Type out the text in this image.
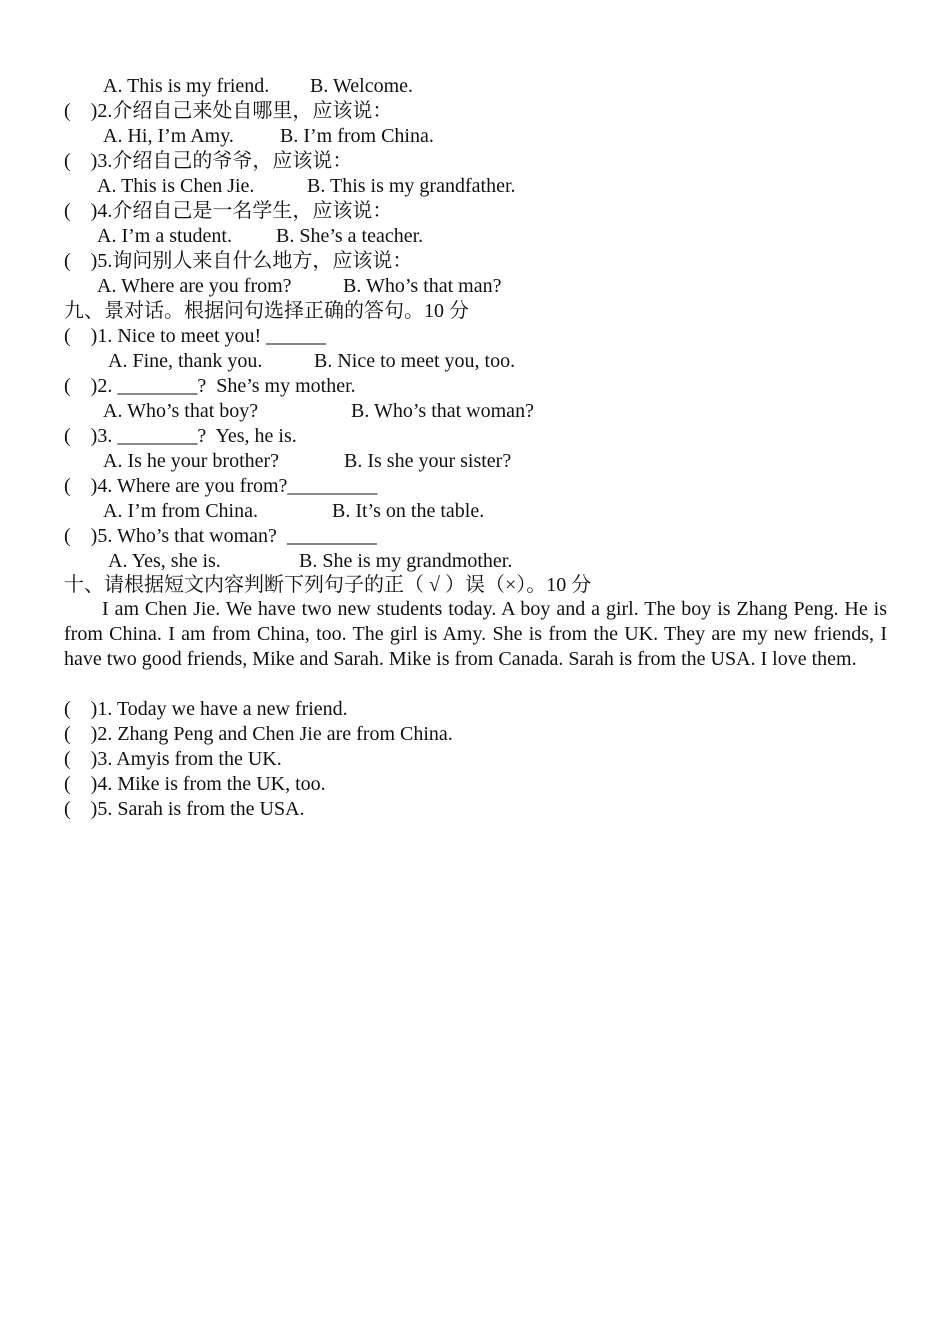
A. This is my friend.

B. Welcome.

(    )2.介绍自己来处自哪里，应该说：

A. Hi, I’m Amy.

B. I’m from China.

(    )3.介绍自己的爷爷，应该说：

A. This is Chen Jie.

	B. This is my grandfather.

(    )4.介绍自己是一名学生，应该说：

A. I’m a student.

B. She’s a teacher.

(    )5.询问别人来自什么地方，应该说：

A. Where are you from?

	B. Who’s that man?

九、景对话。根据问句选择正确的答句。10 分
(    )1. Nice to meet you! ______

A. Fine, thank you.

	B. Nice to meet you, too.

(    )2. ________?  She’s my mother.

A. Who’s that boy?

	B. Who’s that woman?

(    )3. ________?  Yes, he is.

A. Is he your brother?

	B. Is she your sister?

(    )4. Where are you from?_________

A. I’m from China.

	B. It’s on the table.

(    )5. Who’s that woman?  _________

A. Yes, she is.

	B. She is my grandmother.

十、请根据短文内容判断下列句子的正（ √ ）误（×）。10 分

I am Chen Jie. We have two new students today. A boy and a girl. The boy is Zhang Peng. He is from China. I am from China, too. The girl is Amy. She is from the UK. They are my new friends, I have two good friends, Mike and Sarah. Mike is from Canada. Sarah is from the USA. I love them.

(    )1. Today we have a new friend.
(    )2. Zhang Peng and Chen Jie are from China.
(    )3. Amyis from the UK.
(    )4. Mike is from the UK, too.
(    )5. Sarah is from the USA.
